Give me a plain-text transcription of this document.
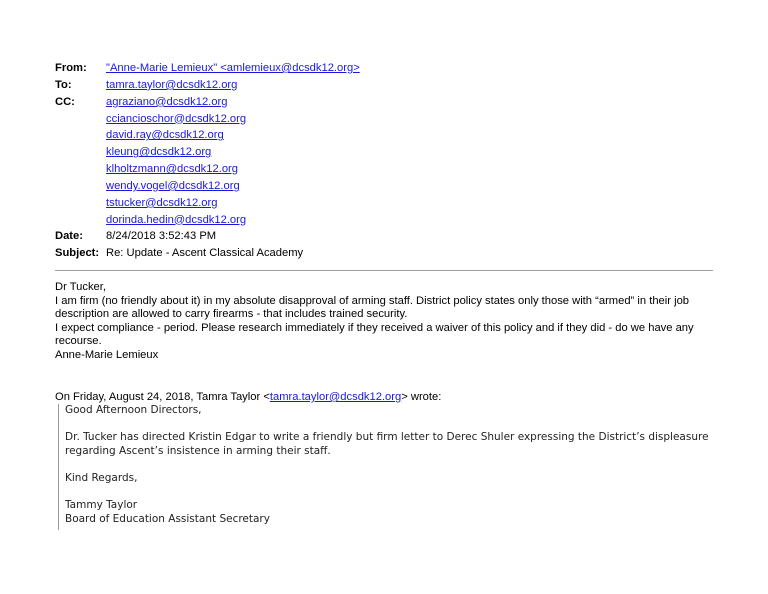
From:	"Anne-Marie Lemieux" <amlemieux@dcsdk12.org>
To:	tamra.taylor@dcsdk12.org
CC:	agraziano@dcsdk12.org
cciancioschor@dcsdk12.org
david.ray@dcsdk12.org
kleung@dcsdk12.org
klholtzmann@dcsdk12.org
wendy.vogel@dcsdk12.org
tstucker@dcsdk12.org
dorinda.hedin@dcsdk12.org
Date:	8/24/2018 3:52:43 PM
Subject: Re: Update - Ascent Classical Academy

Dr Tucker,

I am firm (no friendly about it) in my absolute disapproval of arming staff. District policy states only those with “armed” in their job description are allowed to carry firearms - that includes trained security.

I expect compliance - period. Please research immediately if they received a waiver of this policy and if they did - do we have any recourse.

Anne-Marie Lemieux

On Friday, August 24, 2018, Tamra Taylor <tamra.taylor@dcsdk12.org> wrote:

Good Afternoon Directors,

Dr. Tucker has directed Kristin Edgar to write a friendly but firm letter to Derec Shuler expressing the District’s displeasure regarding Ascent’s insistence in arming their staff.

Kind Regards,

Tammy Taylor

Board of Education Assistant Secretary
